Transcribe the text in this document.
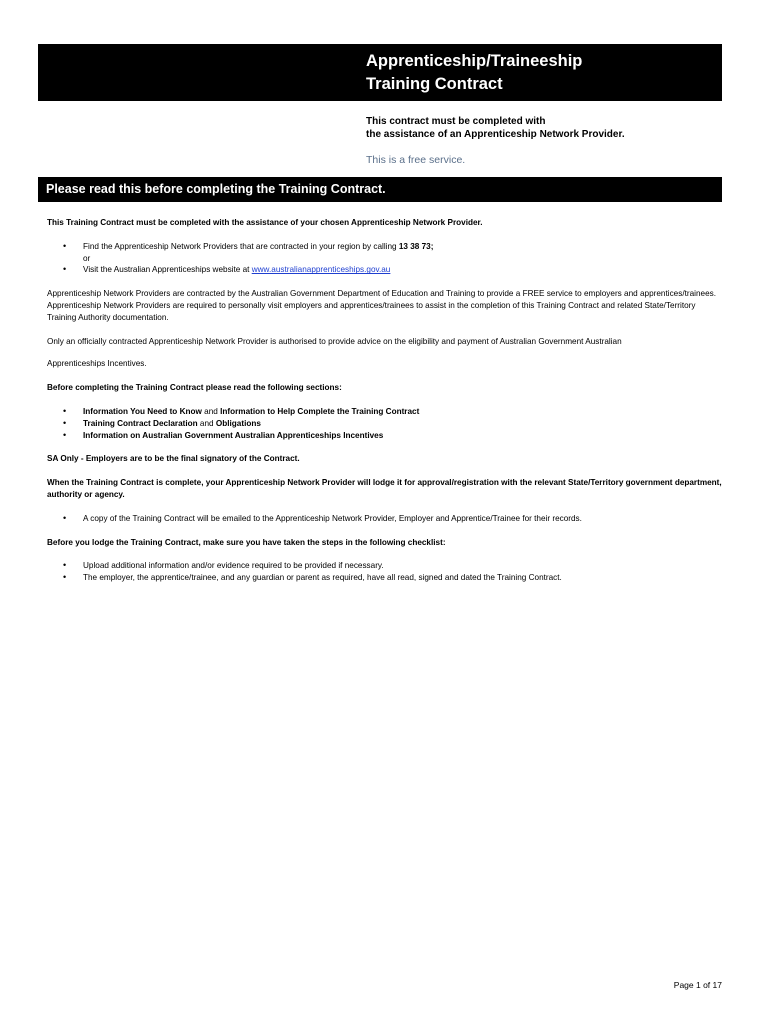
Apprenticeship/Traineeship
Training Contract
This contract must be completed with
the assistance of an Apprenticeship Network Provider.
This is a free service.
Please read this before completing the Training Contract.

This Training Contract must be completed with the assistance of your chosen Apprenticeship Network Provider.

• Find the Apprenticeship Network Providers that are contracted in your region by calling 13 38 73;
or
• Visit the Australian Apprenticeships website at www.australianapprenticeships.gov.au

Apprenticeship Network Providers are contracted by the Australian Government Department of Education and Training to provide a FREE service to employers and apprentices/trainees. Apprenticeship Network Providers are required to personally visit employers and apprentices/trainees to assist in the completion of this Training Contract and related State/Territory Training Authority documentation.

Only an officially contracted Apprenticeship Network Provider is authorised to provide advice on the eligibility and payment of Australian Government Australian

Apprenticeships Incentives.

Before completing the Training Contract please read the following sections:

• Information You Need to Know and Information to Help Complete the Training Contract
• Training Contract Declaration and Obligations
• Information on Australian Government Australian Apprenticeships Incentives

SA Only - Employers are to be the final signatory of the Contract.

When the Training Contract is complete, your Apprenticeship Network Provider will lodge it for approval/registration with the relevant State/Territory government department, authority or agency.

• A copy of the Training Contract will be emailed to the Apprenticeship Network Provider, Employer and Apprentice/Trainee for their records.

Before you lodge the Training Contract, make sure you have taken the steps in the following checklist:

• Upload additional information and/or evidence required to be provided if necessary.
• The employer, the apprentice/trainee, and any guardian or parent as required, have all read, signed and dated the Training Contract.
Page 1 of 17
